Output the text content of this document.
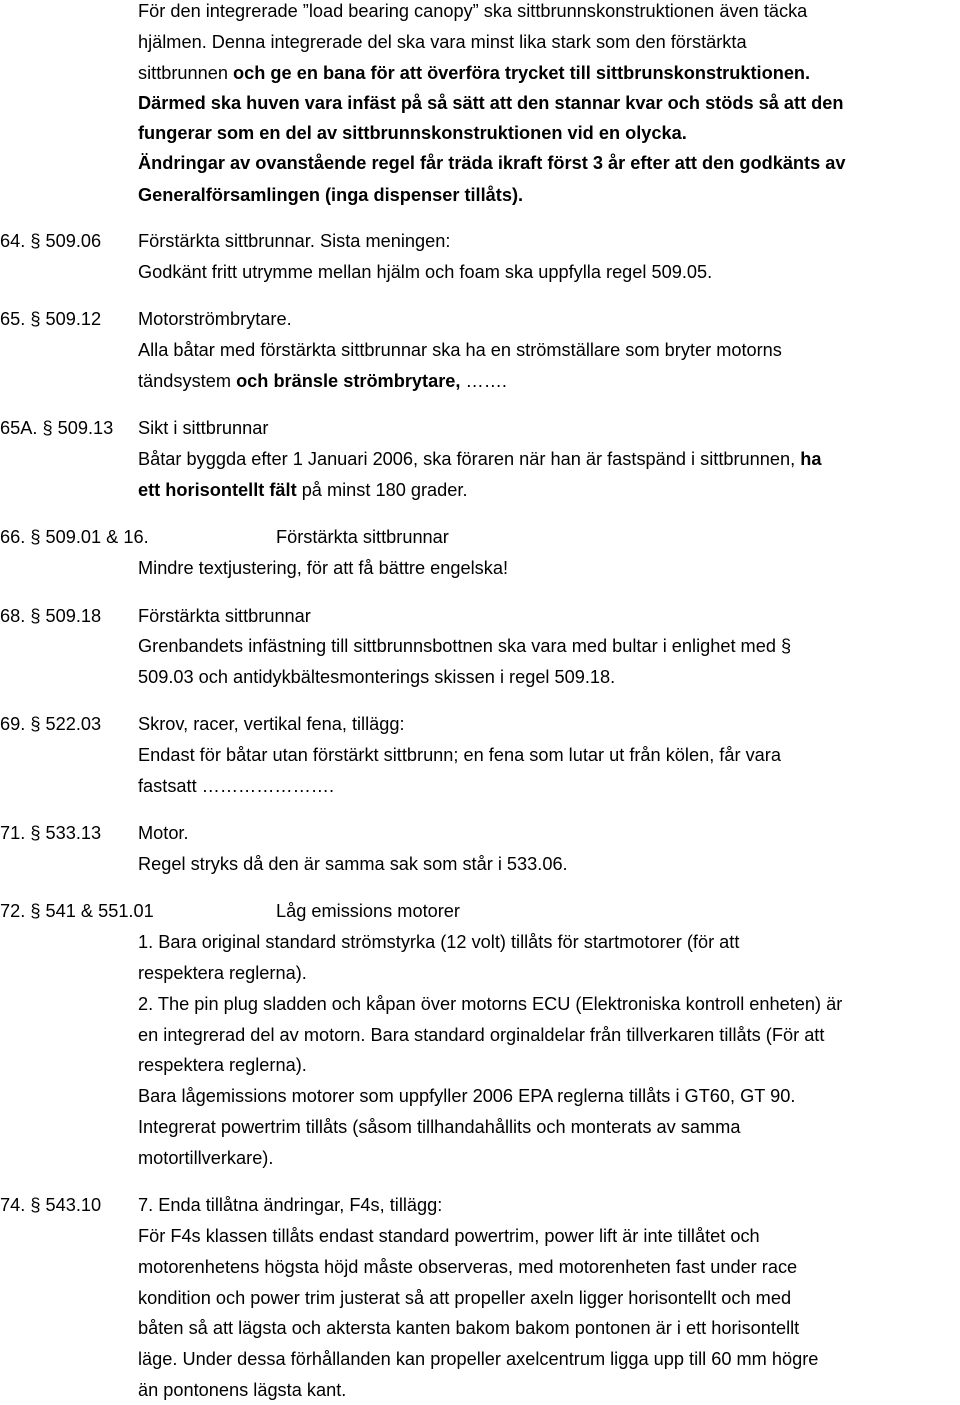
För den integrerade ”load bearing canopy” ska sittbrunnskonstruktionen även täcka
hjälmen. Denna integrerade del ska vara minst lika stark som den förstärkta
sittbrunnen och ge en bana för att överföra trycket till sittbrunskonstruktionen.
Därmed ska huven vara infäst på så sätt att den stannar kvar och stöds så att den
fungerar som en del av sittbrunnskonstruktionen vid en olycka.
Ändringar av ovanstående regel får träda ikraft först 3 år efter att den godkänts av
Generalförsamlingen (inga dispenser tillåts).
64. § 509.06 Förstärkta sittbrunnar. Sista meningen:
Godkänt fritt utrymme mellan hjälm och foam ska uppfylla regel 509.05.
65. § 509.12 Motorströmbrytare.
Alla båtar med förstärkta sittbrunnar ska ha en strömställare som bryter motorns
tändsystem och bränsle strömbrytare, …….
65A. § 509.13 Sikt i sittbrunnar
Båtar byggda efter 1 Januari 2006, ska föraren när han är fastspänd i sittbrunnen, ha
ett horisontellt fält på minst 180 grader.
66. § 509.01 & 16.	Förstärkta sittbrunnar
Mindre textjustering, för att få bättre engelska!
68. § 509.18 Förstärkta sittbrunnar
Grenbandets infästning till sittbrunnsbottnen ska vara med bultar i enlighet med §
509.03 och antidykbältesmonterings skissen i regel 509.18.
69. § 522.03 Skrov, racer, vertikal fena, tillägg:
Endast för båtar utan förstärkt sittbrunn; en fena som lutar ut från kölen, får vara
fastsatt ………………….
71. § 533.13 Motor.
Regel stryks då den är samma sak som står i 533.06.
72. § 541 & 551.01	Låg emissions motorer
1. Bara original standard strömstyrka (12 volt) tillåts för startmotorer (för att
respektera reglerna).
2. The pin plug sladden och kåpan över motorns ECU (Elektroniska kontroll enheten) är
en integrerad del av motorn. Bara standard orginaldelar från tillverkaren tillåts (För att
respektera reglerna).
Bara lågemissions motorer som uppfyller 2006 EPA reglerna tillåts i GT60, GT 90.
Integrerat powertrim tillåts (såsom tillhandahållits och monterats av samma
motortillverkare).
74. § 543.10 7. Enda tillåtna ändringar, F4s, tillägg:
För F4s klassen tillåts endast standard powertrim, power lift är inte tillåtet och
motorenhetens högsta höjd måste observeras, med motorenheten fast under race
kondition och power trim justerat så att propeller axeln ligger horisontellt och med
båten så att lägsta och aktersta kanten bakom bakom pontonen är i ett horisontellt
läge. Under dessa förhållanden kan propeller axelcentrum ligga upp till 60 mm högre
än pontonens lägsta kant.
